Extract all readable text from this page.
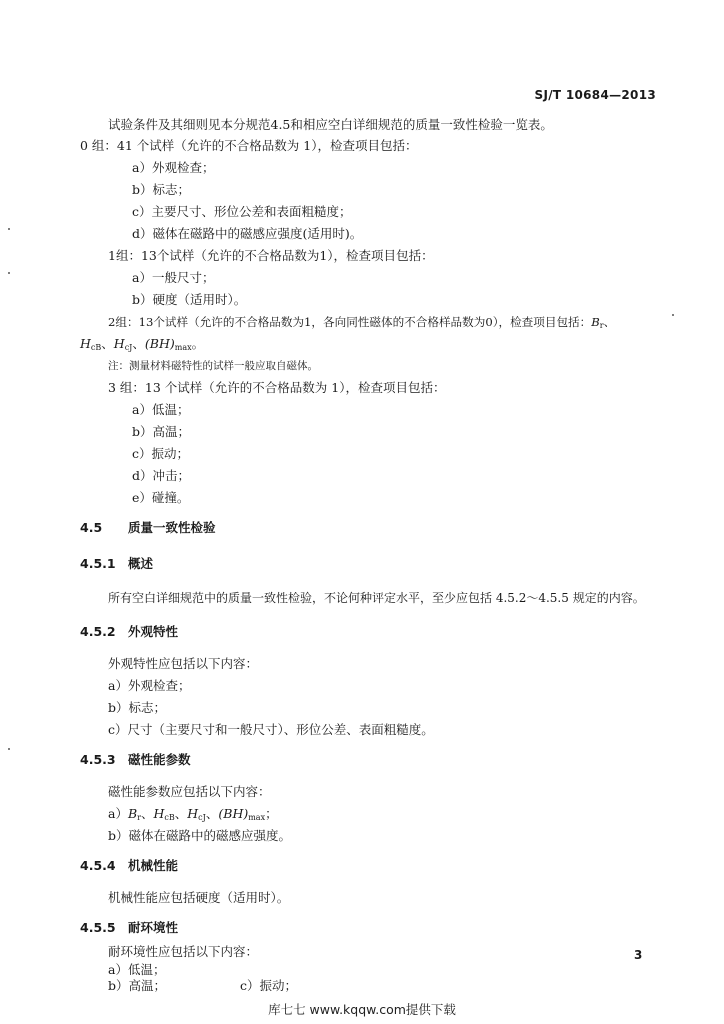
SJ/T 10684—2013
试验条件及其细则见本分规范4.5和相应空白详细规范的质量一致性检验一览表。
0 组：41 个试样（允许的不合格品数为 1），检查项目包括：
a）外观检查；
b）标志；
c）主要尺寸、形位公差和表面粗糙度；
d）磁体在磁路中的磁感应强度(适用时)。
1组：13个试样（允许的不合格品数为1），检查项目包括：
a）一般尺寸；
b）硬度（适用时）。
2组：13个试样（允许的不合格品数为1，各向同性磁体的不合格样品数为0），检查项目包括：$B_r$、
$H_{cB}$、$H_{cJ}$、$(BH)_{max}$。
注：测量材料磁特性的试样一般应取自磁体。
3 组：13 个试样（允许的不合格品数为 1），检查项目包括：
a）低温；
b）高温；
c）振动；
d）冲击；
e）碰撞。
4.5 质量一致性检验
4.5.1 概述
所有空白详细规范中的质量一致性检验，不论何种评定水平，至少应包括 4.5.2～4.5.5 规定的内容。
4.5.2 外观特性
外观特性应包括以下内容：
a）外观检查；
b）标志；
c）尺寸（主要尺寸和一般尺寸）、形位公差、表面粗糙度。
4.5.3 磁性能参数
磁性能参数应包括以下内容：
$a)B_r$、$H_{cB}$、$H_{cJ}$、$(BH)_{max}$；
b）磁体在磁路中的磁感应强度。
4.5.4 机械性能
机械性能应包括硬度（适用时）。
4.5.5 耐环境性
耐环境性应包括以下内容：
a）低温；
b）高温；	c）振动；
3
库七七 www.kqqw.com提供下载
